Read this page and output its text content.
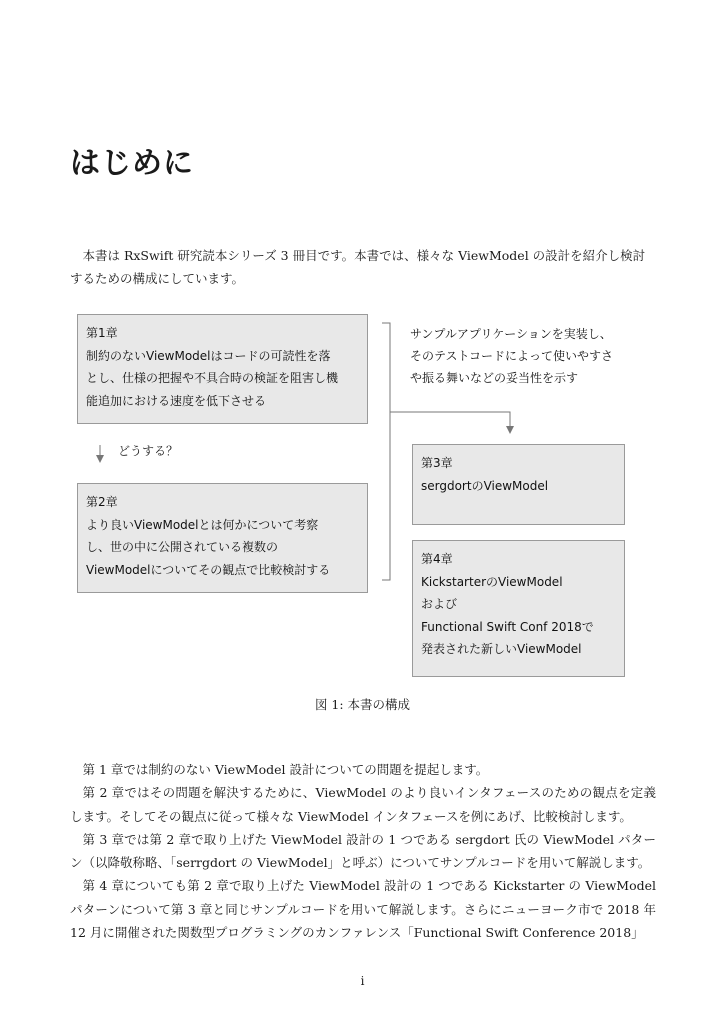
はじめに

本書は RxSwift 研究読本シリーズ 3 冊目です。本書では、様々な ViewModel の設計を紹介し検討するための構成にしています。

第1章
制約のないViewModelはコードの可読性を落
とし、仕様の把握や不具合時の検証を阻害し機
能追加における速度を低下させる
どうする？
第2章
より良いViewModelとは何かについて考察
し、世の中に公開されている複数の
ViewModelについてその観点で比較検討する
サンプルアプリケーションを実装し、
そのテストコードによって使いやすさ
や振る舞いなどの妥当性を示す
第3章
sergdortのViewModel
第4章
KickstarterのViewModel
および
Functional Swift Conf 2018で
発表された新しいViewModel
図 1: 本書の構成

第 1 章では制約のない ViewModel 設計についての問題を提起します。

第 2 章ではその問題を解決するために、ViewModel のより良いインタフェースのための観点を定義します。そしてその観点に従って様々な ViewModel インタフェースを例にあげ、比較検討します。

第 3 章では第 2 章で取り上げた ViewModel 設計の 1 つである sergdort 氏の ViewModel パターン（以降敬称略、「serrgdort の ViewModel」と呼ぶ）についてサンプルコードを用いて解説します。

第 4 章についても第 2 章で取り上げた ViewModel 設計の 1 つである Kickstarter の ViewModel パターンについて第 3 章と同じサンプルコードを用いて解説します。さらにニューヨーク市で 2018 年 12 月に開催された関数型プログラミングのカンファレンス「Functional Swift Conference 2018」

i
